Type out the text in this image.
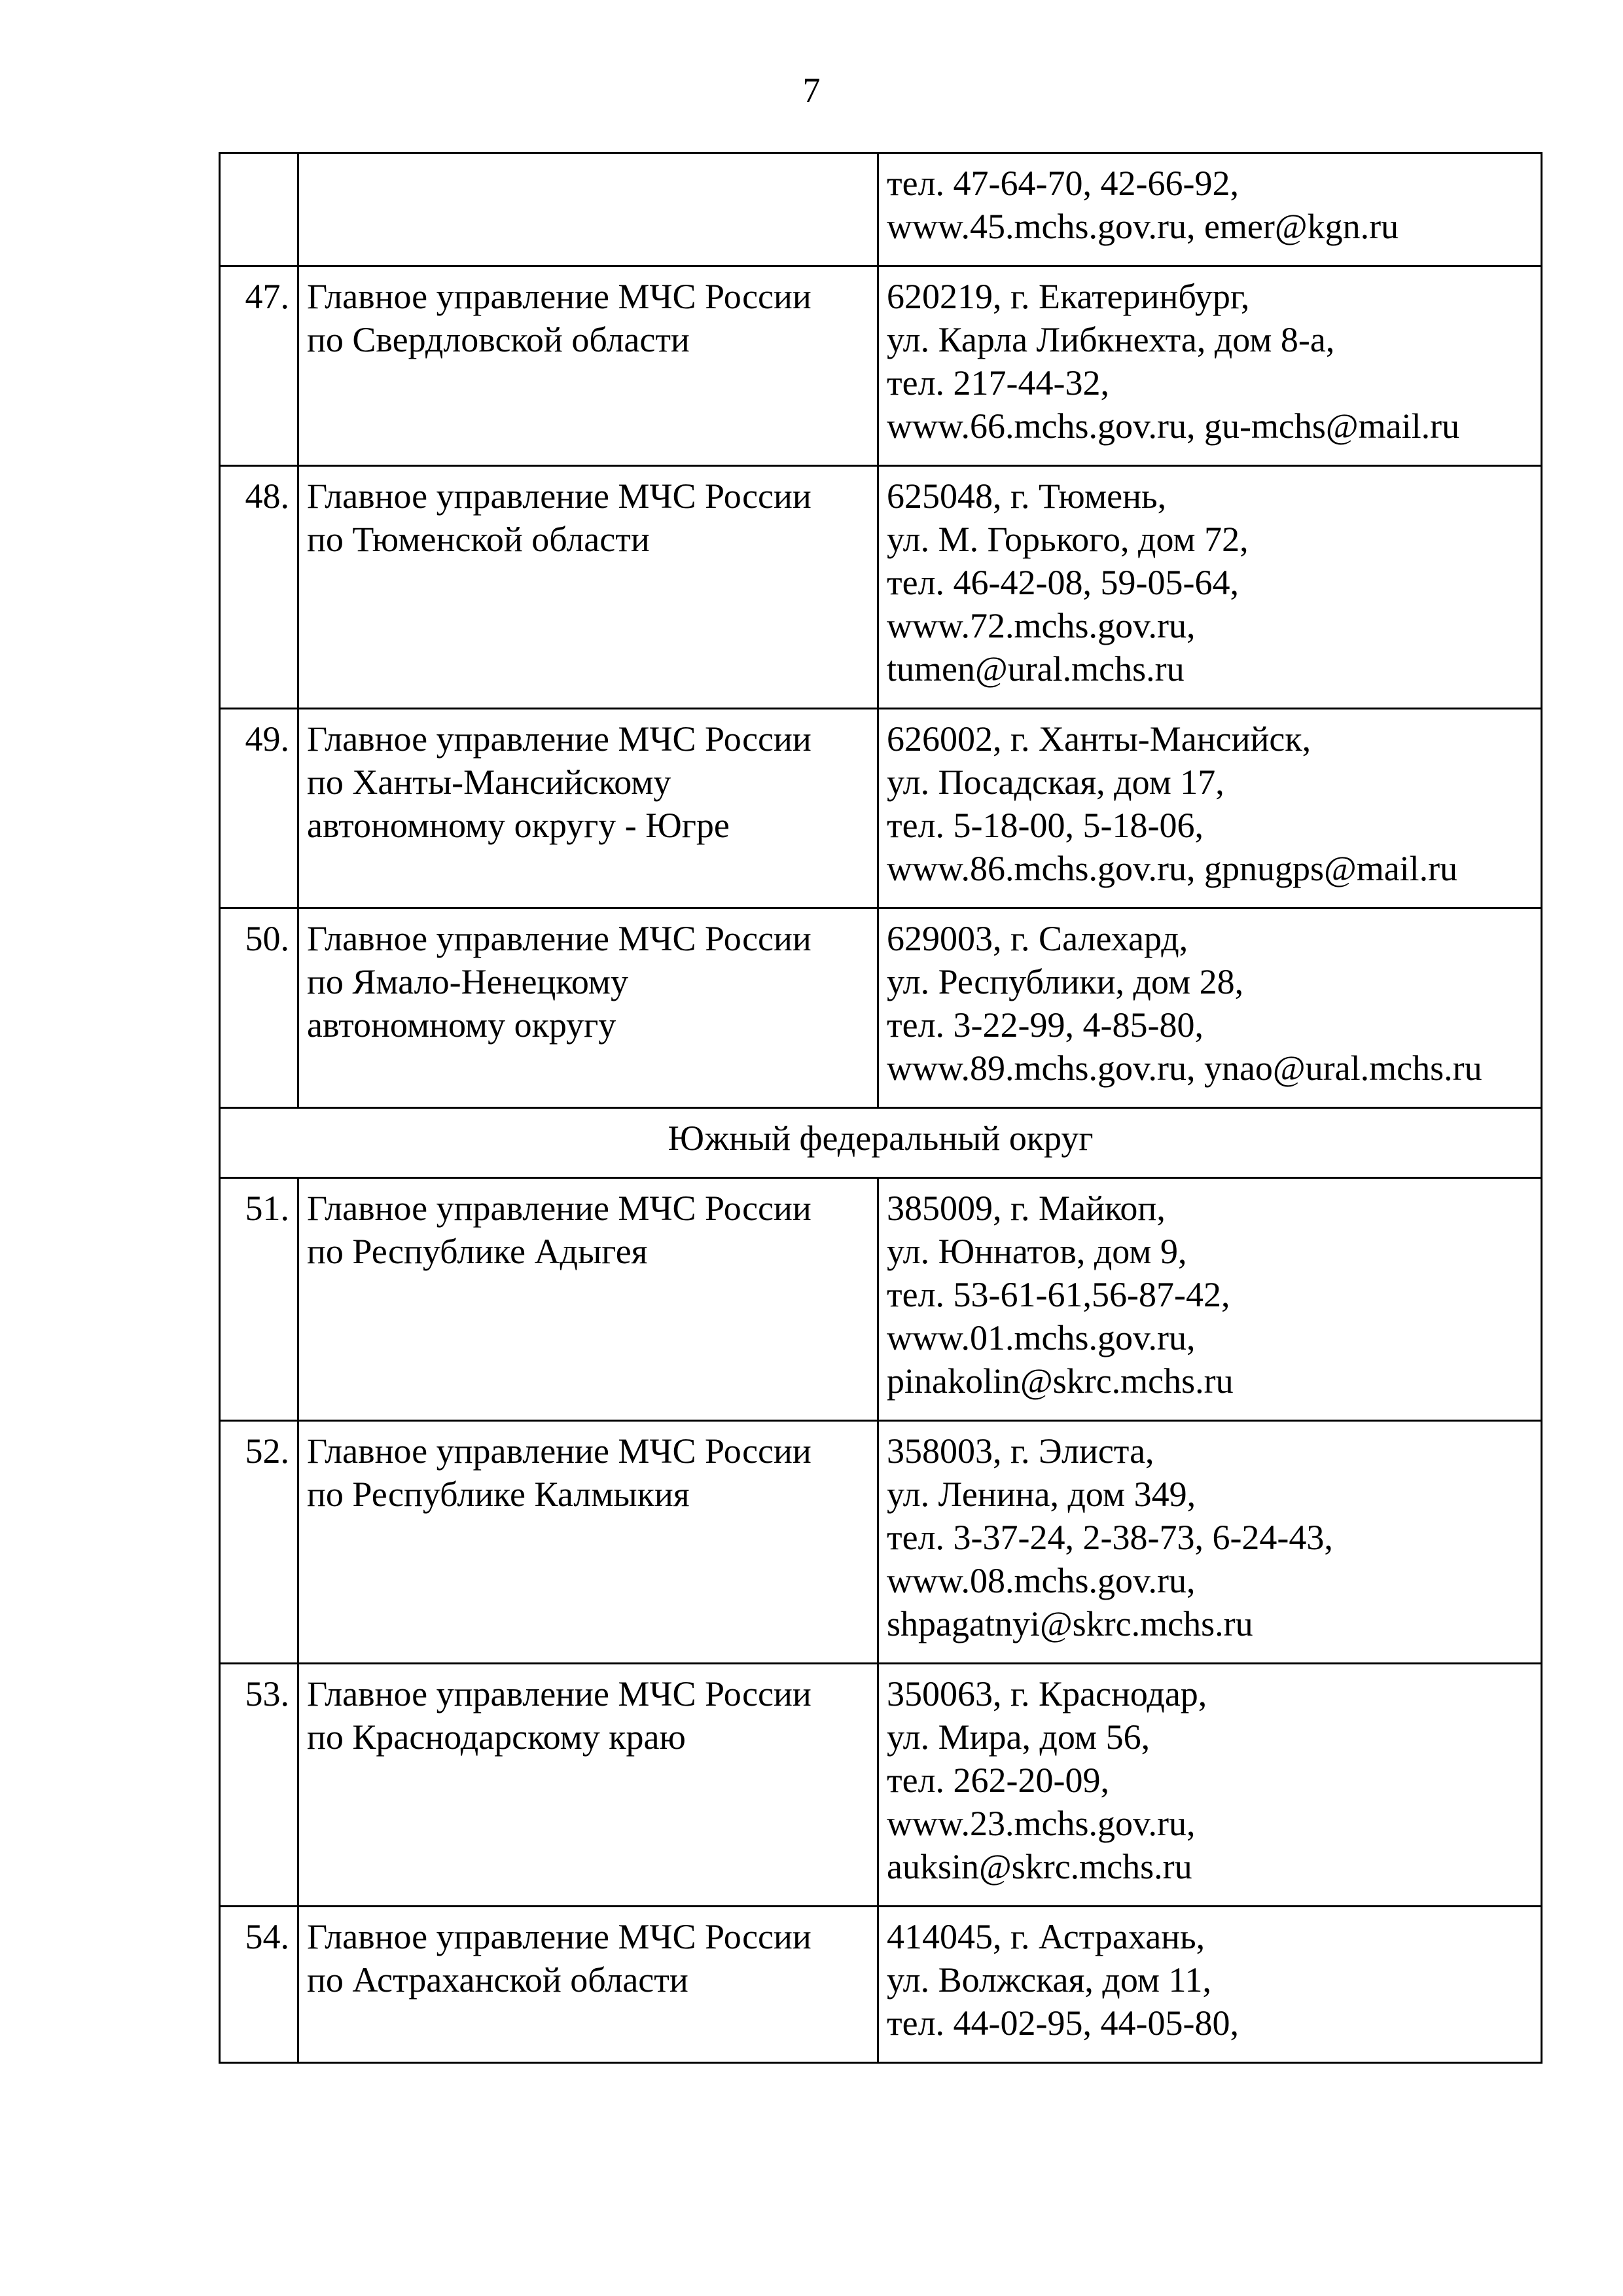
7

		тел. 47-64-70, 42-66-92,
www.45.mchs.gov.ru, emer@kgn.ru

47.	Главное управление МЧС России
по Свердловской области	620219, г. Екатеринбург,
ул. Карла Либкнехта, дом 8-а,
тел. 217-44-32,
www.66.mchs.gov.ru, gu-mchs@mail.ru

48.	Главное управление МЧС России
по Тюменской области	625048, г. Тюмень,
ул. М. Горького, дом 72,
тел. 46-42-08, 59-05-64,
www.72.mchs.gov.ru,
tumen@ural.mchs.ru

49.	Главное управление МЧС России
по Ханты-Мансийскому
автономному округу - Югре	626002, г. Ханты-Мансийск,
ул. Посадская, дом 17,
тел. 5-18-00, 5-18-06,
www.86.mchs.gov.ru, gpnugps@mail.ru

50.	Главное управление МЧС России
по Ямало-Ненецкому
автономному округу	629003, г. Салехард,
ул. Республики, дом 28,
тел. 3-22-99, 4-85-80,
www.89.mchs.gov.ru, ynao@ural.mchs.ru

Южный федеральный округ		
51.	Главное управление МЧС России
по Республике Адыгея	385009, г. Майкоп,
ул. Юннатов, дом 9,
тел. 53-61-61,56-87-42,
www.01.mchs.gov.ru,
pinakolin@skrc.mchs.ru

52.	Главное управление МЧС России
по Республике Калмыкия	358003, г. Элиста,
ул. Ленина, дом 349,
тел. 3-37-24, 2-38-73, 6-24-43,
www.08.mchs.gov.ru,
shpagatnyi@skrc.mchs.ru

53.	Главное управление МЧС России
по Краснодарскому краю	350063, г. Краснодар,
ул. Мира, дом 56,
тел. 262-20-09,
www.23.mchs.gov.ru,
auksin@skrc.mchs.ru

54.	Главное управление МЧС России
по Астраханской области	414045, г. Астрахань,
ул. Волжская, дом 11,
тел. 44-02-95, 44-05-80,
